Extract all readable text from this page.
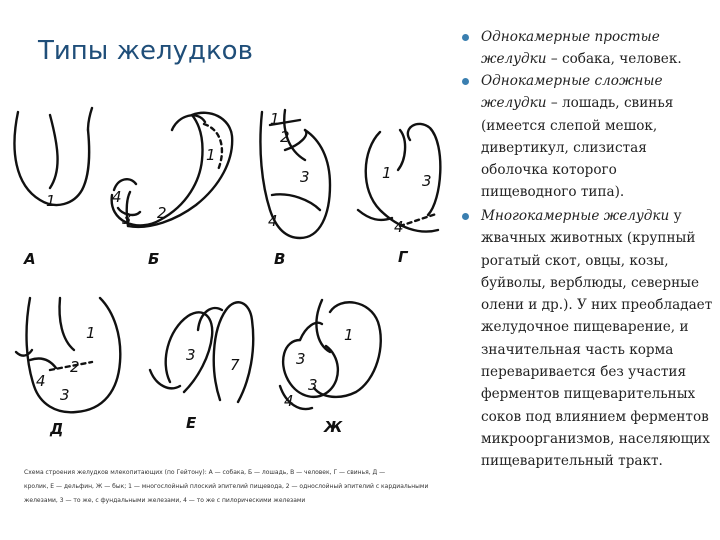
Типы желудков
1	4
3 2
1
1
2
3
4
1 3
4
1
2
4
3
3
7
1
3
3
4
А	Б	В	Г
Д	Е	Ж
Схема строения желудков млекопитающих (по Гейтону): А — собака, Б — лошадь, В — человек, Г — свинья, Д —
кролик, Е — дельфин, Ж — бык; 1 — многослойный плоский эпителий пищевода, 2 — однослойный эпителий с кардиальными
железами, 3 — то же, с фундальными железами, 4 — то же с пилорическими железами
Однокамерные простые желудки – собака, человек.
Однокамерные сложные желудки – лошадь, свинья (имеется слепой мешок, дивертикул, слизистая оболочка которого пищеводного типа).
Многокамерные желудки у жвачных животных (крупный рогатый скот, овцы, козы, буйволы, верблюды, северные олени и др.). У них преобладает желудочное пищеварение, и значительная часть корма переваривается без участия ферментов пищеварительных соков под влиянием ферментов микроорганизмов, населяющих пищеварительный тракт.
